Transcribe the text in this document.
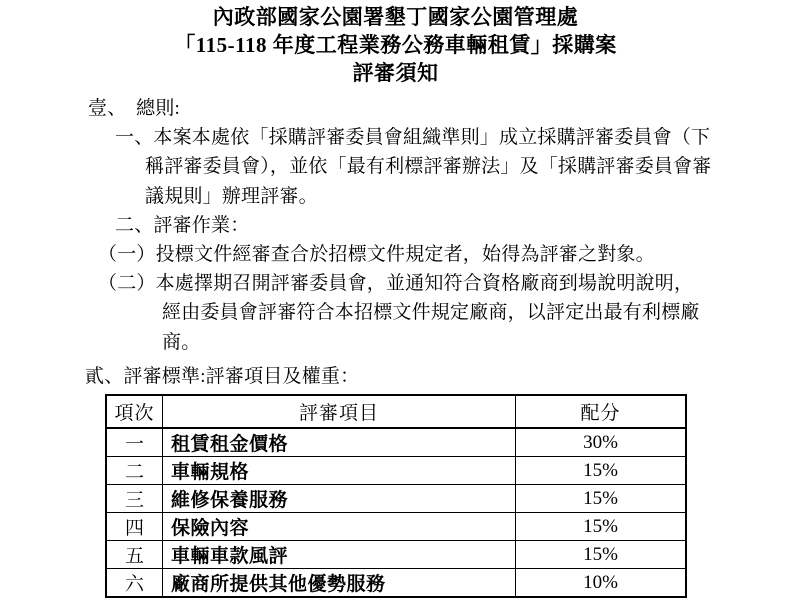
內政部國家公園署墾丁國家公園管理處
「115-118 年度工程業務公務車輛租賃」採購案
評審須知
壹、　總則:
一、本案本處依「採購評審委員會組織準則」成立採購評審委員會（下
稱評審委員會），並依「最有利標評審辦法」及「採購評審委員會審
議規則」辦理評審。
二、評審作業：
（一）投標文件經審查合於招標文件規定者，始得為評審之對象。
（二）本處擇期召開評審委員會，並通知符合資格廠商到場說明說明，
經由委員會評審符合本招標文件規定廠商，以評定出最有利標廠
商。
貳、評審標準:評審項目及權重：
項次	評審項目	配分
一	租賃租金價格	30%
二	車輛規格	15%
三	維修保養服務	15%
四	保險內容	15%
五	車輛車款風評	15%
六	廠商所提供其他優勢服務	10%
